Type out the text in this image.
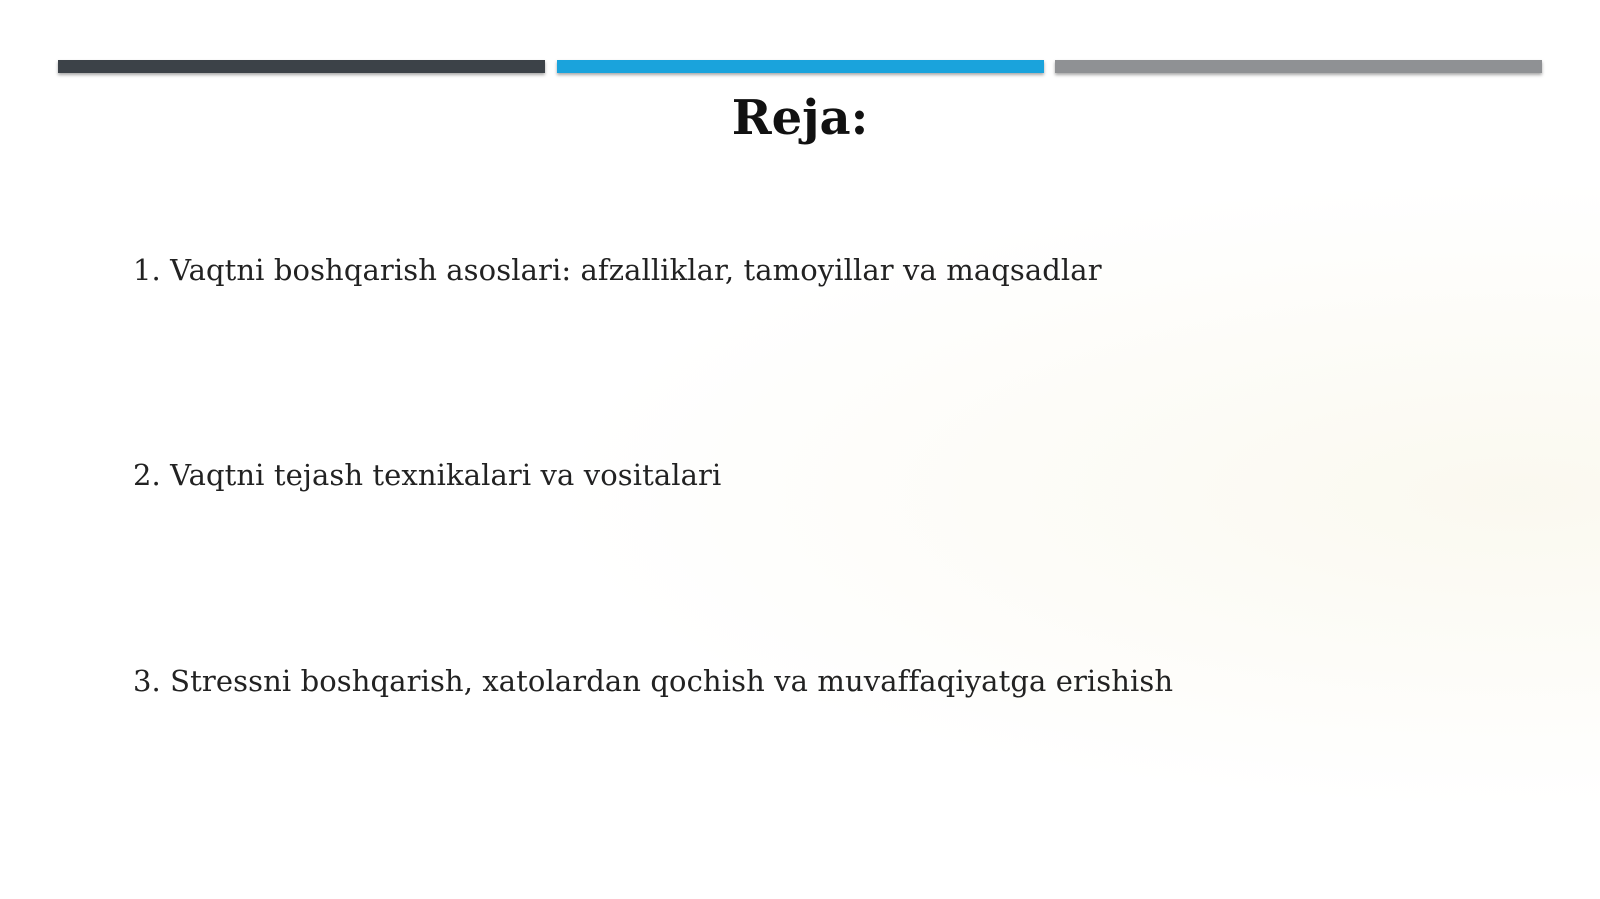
Reja:
1. Vaqtni boshqarish asoslari: afzalliklar, tamoyillar va maqsadlar
2. Vaqtni tejash texnikalari va vositalari
3. Stressni boshqarish, xatolardan qochish va muvaffaqiyatga erishish
